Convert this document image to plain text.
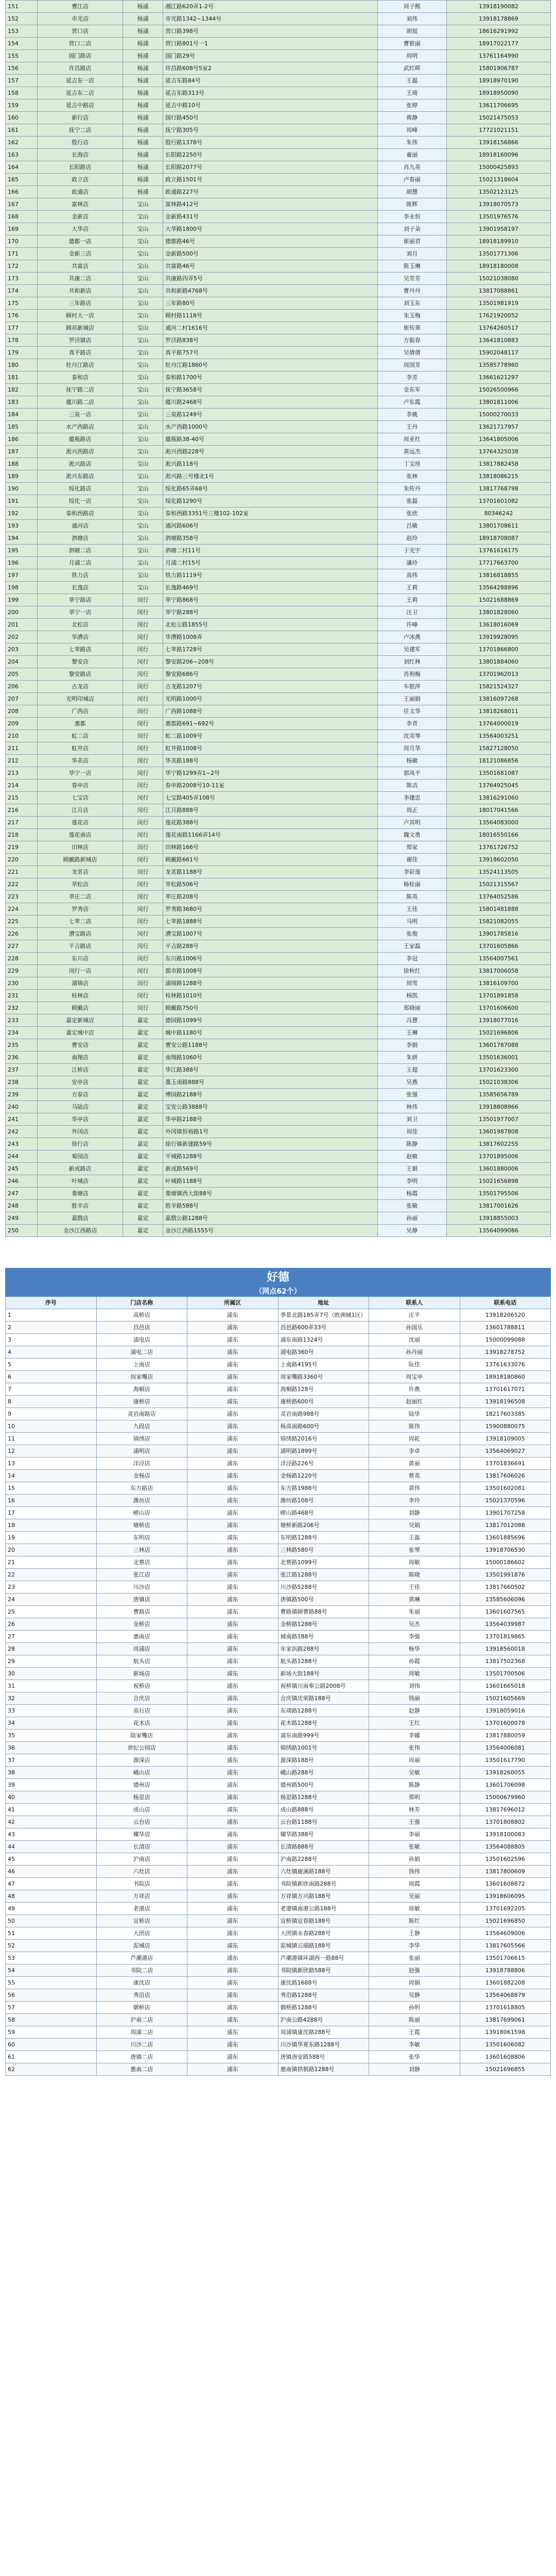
151	曹江店	杨浦	湘江路620弄1-2号	周子熙	13918190082
152	市光店	杨浦	市光路1342~1344号	刘伟	13918178869
153	营口店	杨浦	营口路398号	胡旭	18616291992
154	营口二店	杨浦	营口路801号一1	曹银丽	18917022177
155	国门路店	杨浦	国门路29号	周明	13761164990
156	许昌路店	杨浦	许昌路608号5室2	武红晖	15801906787
157	延吉东一店	杨浦	延吉东路84号	王磊	18918970190
158	延吉东二店	杨浦	延吉东路313号	王琦	18918950090
159	延吉中路店	杨浦	延吉中路10号	张婷	13611706695
160	新行店	杨浦	国行路450号	蒋静	15021475053
161	抚宁二店	杨浦	抚宁路305号	周峰	17721021151
162	殷行店	杨浦	殷行路1378号	朱伟	13918156866
163	长海店	杨浦	长阳路2250号	童丽	18918160096
164	长阳路店	杨浦	长阳路2077号	肖九英	15000425893
165	政立店	杨浦	政立路1501号	卢春丽	15021318604
166	政通店	杨浦	政通路227号	胡慧	13502123125
167	富林店	宝山	富林路412号	陈辉	13918070573
168	金新店	宝山	金新路431号	李永恒	13501976576
169	大华店	宝山	大华路1800号	刘子朵	13901958197
170	德都一店	宝山	德都路46号	崔丽君	18918189910
171	金新三店	宝山	金新路500号	刘月	13501771306
172	共富店	宝山	共富路46号	陈玉琳	18918180008
173	共康二店	宝山	共康路四弄5号	吴芳芳	15021038080
174	共和新店	宝山	共和新路4768号	曹丹丹	13817088861
175	三年路店	宝山	三年路80号	刘玉东	13501981919
176	顾村大一店	宝山	顾村路1118号	朱玉梅	17621920052
177	顾祁新城店	宝山	通河二村1616号	崔传翠	13764260517
178	罗泾镇店	宝山	罗泾路838号	方振春	13641810883
179	真平路店	宝山	真平路757号	吴倩倩	15902048117
180	牡丹江路店	宝山	牡丹江路1860号	周国芳	13585778960
181	泰和店	宝山	泰和路1700号	李芳	13661621297
182	抚宁路二店	宝山	抚宁路3658号	金东军	15026500966
183	蕴川路二店	宝山	蕴川路2468号	卢东霞	13801811006
184	三泉一店	宝山	三泉路1249号	李姚	15000270033
185	水产西路店	宝山	水产西路1000号	王丹	13621717957
186	蕴瓶路店	宝山	蕴瓶路38-40号	周亚红	13641805006
187	淞兴西路店	宝山	淞兴西路228号	黄远杰	13764325038
188	淞兴路店	宝山	淞兴路118号	丁宝珍	13817882458
189	淞兴东路店	宝山	淞兴路三号楼北1号	张林	13818086215
190	绥化路店	宝山	绥化路65弄68号	朱传丹	13817768798
191	绥化一店	宝山	绥化路1290号	张磊	13701601082
192	泰和西路店	宝山	泰和西路3351号三楼102-102室	张欣	80346242
193	通河店	宝山	通河路606号	吕敏	13801708611
194	泗塘店	宝山	泗塘路358号	赵玲	18918708087
195	泗塘二店	宝山	泗塘二村11号	于光宇	13761616175
196	月浦二店	宝山	月浦二村15号	潘玲	17717663700
197	铁力店	宝山	铁力路1119号	高伟	13816818855
198	长逸店	宝山	长逸路469号	王莉	13564288896
199	莘宁路店	闵行	莘宁路868号	王莉	15021688869
200	莘宁一店	闵行	莘宁路288号	汪卫	13801828060
201	北松店	闵行	北松公路1855号	许峰	13618016069
202	华漕店	闵行	华漕路1008弄	卢冰燕	13919928095
203	七莘路店	闵行	七莘路1728号	吴建军	13701866800
204	黎安店	闵行	黎安路206~208号	刘红林	13801884060
205	黎安路店	闵行	黎安路686号	肖利梅	13701962013
206	古龙店	闵行	古龙路1207号	车银萍	15821524327
207	光明印城店	闵行	光明路1000号	王丽娟	13816097268
208	广西店	闵行	广西路1088号	任文华	13818268011
209	惠都	闵行	惠都路691~692号	李青	13764000019
210	虹二店	闵行	虹二路1009号	沈美琴	13564003251
211	虹井店	闵行	虹井路1008号	周月华	15827128050
212	华美店	闵行	华美路188号	杨敏	18121086856
213	华宁一店	闵行	华宁路1299弄1~2号	郭凤平	13501681087
214	春申店	闵行	春申路2008号10-11室	陈洁	13764925045
215	七宝店	闵行	七宝路405弄108号	李建忠	13816291060
216	江月店	闵行	江月路888号	周正	18017041566
217	莲花店	闵行	莲花路388号	卢其明	13564083000
218	莲花南店	闵行	莲花南路1166弄14号	魏文勇	18016550166
219	田林店	闵行	田林路166号	郑家	13761726752
220	顾戴路新城店	闵行	顾戴路661号	谢佳	13918602050
221	龙茗店	闵行	龙茗路1188号	李彩莲	13524113505
222	莘松店	闵行	莘松路506号	杨桂丽	15021315567
223	莘庄二店	闵行	莘庄路208号	陈英	13764052586
224	罗秀店	闵行	罗秀路3680号	王佳	15801481888
225	七莘二店	闵行	七莘路1888号	马明	15821082055
226	漕宝路店	闵行	漕宝路1007号	张俊	13901785816
227	平吉路店	闵行	平吉路288号	王家磊	13701605866
228	东川店	闵行	东川路1006号	李冠	13564007561
229	闵行一店	闵行	都市路1008号	徐秋红	13817006058
230	浦锦店	闵行	浦锦路1288号	周雪	13816109700
231	桂林店	闵行	桂林路1010号	杨凯	13701891858
232	顾戴店	闵行	顾戴路750号	郑晓丽	13701606600
233	嘉定新城店	嘉定	德园路1099号	冯慧	13918077016
234	嘉定城中店	嘉定	城中路1180号	王琳	15021696806
235	曹安店	嘉定	曹安公路1188号	李娟	13601787088
236	南翔店	嘉定	南翔路1060号	朱妍	13501636001
237	江桥店	嘉定	华江路388号	王超	13701623300
238	安亭店	嘉定	墨玉南路888号	吴燕	15021038306
239	方泰店	嘉定	博园路2188号	张强	13585656789
240	马陆店	嘉定	宝安公路3888号	林伟	13918808966
241	华亭店	嘉定	华亭路2188号	刘卫	13501977007
242	外冈店	嘉定	外冈镇恒裕路1号	周佳	13601987808
243	徐行店	嘉定	徐行镇新建路59号	陈静	13817602255
244	菊园店	嘉定	平城路1288号	赵敏	13701895006
245	新成路店	嘉定	新成路569号	王娟	13601880006
246	叶城店	嘉定	叶城路1188号	李明	15021656898
247	娄塘店	嘉定	娄塘镇西大街88号	杨霞	13501795506
248	胜辛店	嘉定	胜辛路588号	张敏	13817001626
249	嘉戬店	嘉定	嘉戬公路1288号	孙丽	13918855003
250	金沙江西路店	嘉定	金沙江西路1555号	吴静	13564099086
好德
（网点62个）					

序号	门店名称	所属区	地址	联系人	联系电话
1	高桥店	浦东	季景北路185弄7号（欧洲城1区）	庄平	13918206520
2	昌邑店	浦东	昌邑路600弄33号	孙国乐	13601788811
3	浦电店	浦东	浦东南路1324号	沈丽	15000099088
4	浦电二店	浦东	浦电路360号	孙丹丽	13918278752
5	上南店	浦东	上南路4195号	阮佳	13761633076
6	周家嘴店	浦东	周家嘴路3360号	周宝亭	18918180860
7	海桐店	浦东	海桐路128号	许燕	13701617071
8	康桥店	浦东	康桥路600号	赵丽红	13918196508
9	灵岩南路店	浦东	灵岩南路988号	陆华	18217603385
10	九段店	浦东	杨高南路600号	陈伟	15900880075
11	锦绣店	浦东	锦绣路2016号	周乾	13918109005
12	浦明店	浦东	浦明路1899号	李卓	13564069027
13	洋泾店	浦东	洋泾路226号	黄丽	13701836691
14	金杨店	浦东	金杨路1220号	蔡英	13817606026
15	东方路店	浦东	东方路1988号	黄伟	13501602081
16	潍坊店	浦东	潍坊路108号	李玲	15021370596
17	崂山店	浦东	崂山路468号	刘静	13901707258
18	塘桥店	浦东	塘桥新路206号	吴娟	13817012088
19	东明店	浦东	东明路1288号	王磊	13601885696
20	三林店	浦东	三林路580号	张琴	13918706530
21	北蔡店	浦东	北蔡路1099号	周敏	15000186602
22	张江店	浦东	张江路1288号	陈晓	13501991876
23	川沙店	浦东	川沙路5288号	王佳	13817660502
24	唐镇店	浦东	唐镇路500号	黄琳	13585606096
25	曹路店	浦东	曹路镇顾曹路88号	朱丽	13601607565
26	金桥店	浦东	金桥路1288号	吴杰	13564039987
27	惠南店	浦东	城南路188号	李强	13701819865
28	周浦店	浦东	年家浜路288号	杨华	13918560018
29	航头店	浦东	航头路1288号	孙霞	13817502368
30	新场店	浦东	新场大街188号	周敏	13501700506
31	祝桥店	浦东	祝桥镇川南奉公路2008号	刘伟	13601665018
32	合庆店	浦东	合庆镇庆荣路188号	钱丽	15021605669
33	高行店	浦东	东靖路1288号	赵静	13918059016
34	花木店	浦东	花木路1288号	王红	13701600078
35	陆家嘴店	浦东	浦东南路999号	李娜	13817880059
36	世纪公园店	浦东	锦绣路1001号	张伟	13564006081
37	源深店	浦东	源深路188号	周丽	13501617790
38	峨山店	浦东	峨山路288号	吴敏	13918260055
39	德州店	浦东	德州路500号	陈静	13601706098
40	杨思店	浦东	杨思路1288号	郑明	15000679960
41	成山店	浦东	成山路888号	林芳	13817696012
42	云台店	浦东	云台路1188号	王强	13701808802
43	耀华店	浦东	耀华路388号	李丽	13918100083
44	长清店	浦东	长清路888号	张敏	13564088805
45	沪南店	浦东	沪南路2288号	孙娟	13501602596
46	六灶店	浦东	六灶镇鹿溪路188号	钱伟	13817800609
47	书院店	浦东	书院镇新欣南路288号	周霞	13601608872
48	万祥店	浦东	万祥镇万兴路188号	吴丽	13918606095
49	老港店	浦东	老港镇南港公路188号	徐敏	13701692205
50	宣桥店	浦东	宣桥镇宣春路188号	陈红	15021696850
51	大团店	浦东	大团镇永春路288号	王静	13564609006
52	泥城店	浦东	泥城镇云端路188号	李华	13817605566
53	芦潮港店	浦东	芦潮港镇环湖西一路88号	张丽	13501706615
54	书院二店	浦东	书院镇新欣路588号	赵强	13918788806
55	康沈店	浦东	康沈路1688号	周娟	13601882208
56	秀沿店	浦东	秀沿路1288号	吴静	13564068879
57	御桥店	浦东	御桥路1288号	孙明	13701618805
58	沪南二店	浦东	沪南公路4288号	陈丽	13817699061
59	周浦二店	浦东	周浦镇康沈路288号	王霞	13918061598
60	川沙二店	浦东	川沙镇华夏东路1288号	李敏	13501606082
61	唐镇二店	浦东	唐镇唐安路588号	张华	13601608806
62	惠南二店	浦东	惠南镇拱极路1288号	刘静	15021696855
